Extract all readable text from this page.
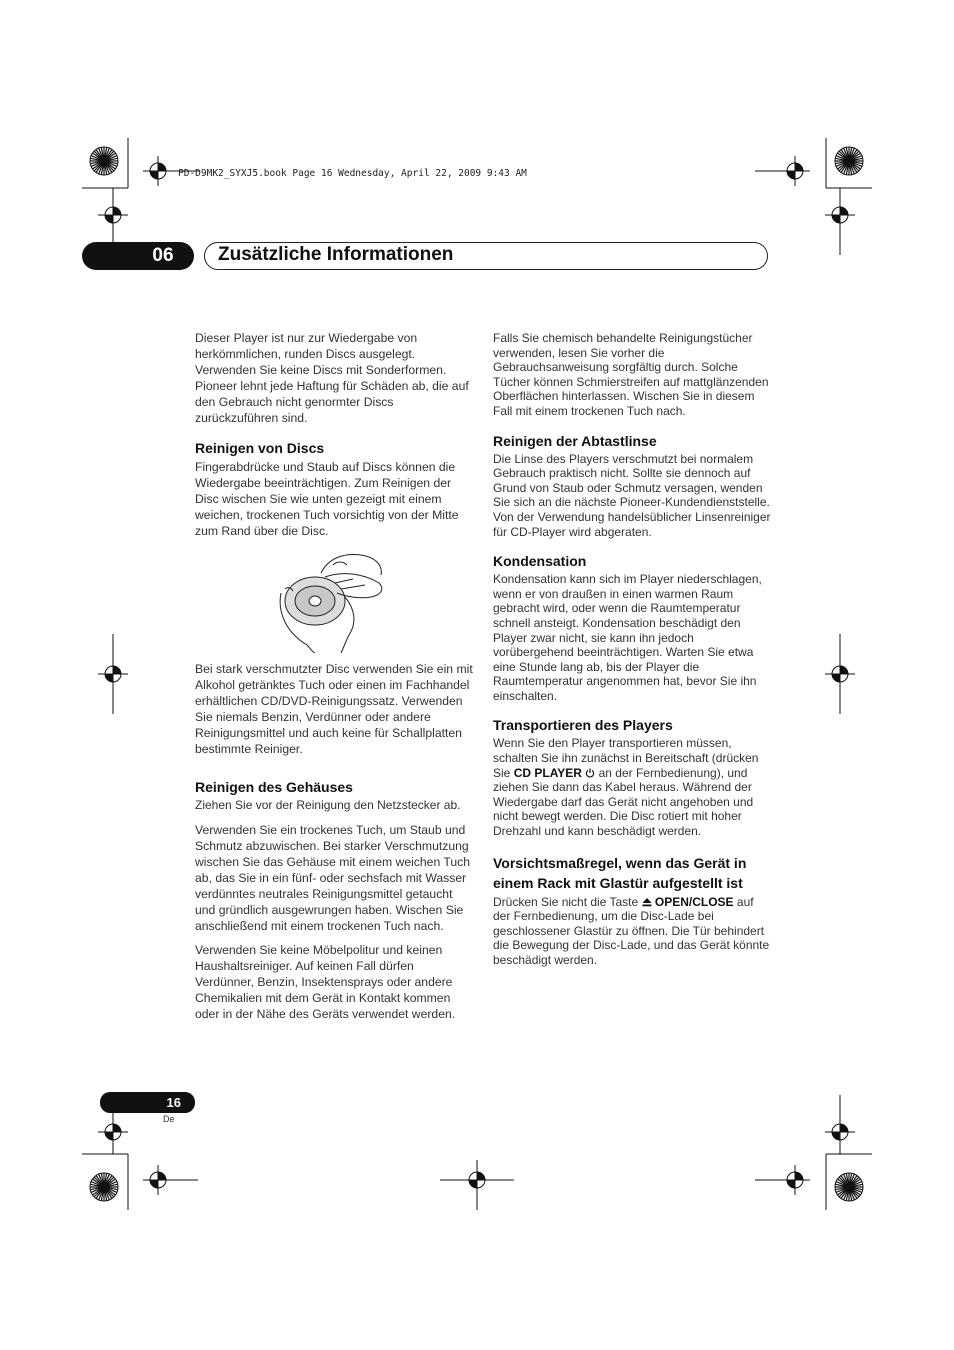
PD-D9MK2_SYXJ5.book Page 16 Wednesday, April 22, 2009 9:43 AM
06 Zusätzliche Informationen

Dieser Player ist nur zur Wiedergabe von herkömmlichen, runden Discs ausgelegt. Verwenden Sie keine Discs mit Sonderformen. Pioneer lehnt jede Haftung für Schäden ab, die auf den Gebrauch nicht genormter Discs zurückzuführen sind.

Reinigen von Discs

Fingerabdrücke und Staub auf Discs können die Wiedergabe beeinträchtigen. Zum Reinigen der Disc wischen Sie wie unten gezeigt mit einem weichen, trockenen Tuch vorsichtig von der Mitte zum Rand über die Disc.

Bei stark verschmutzter Disc verwenden Sie ein mit Alkohol getränktes Tuch oder einen im Fachhandel erhältlichen CD/DVD-Reinigungssatz. Verwenden Sie niemals Benzin, Verdünner oder andere Reinigungsmittel und auch keine für Schallplatten bestimmte Reiniger.

Reinigen des Gehäuses

Ziehen Sie vor der Reinigung den Netzstecker ab.

Verwenden Sie ein trockenes Tuch, um Staub und Schmutz abzuwischen. Bei starker Verschmutzung wischen Sie das Gehäuse mit einem weichen Tuch ab, das Sie in ein fünf- oder sechsfach mit Wasser verdünntes neutrales Reinigungsmittel getaucht und gründlich ausgewrungen haben. Wischen Sie anschließend mit einem trockenen Tuch nach.

Verwenden Sie keine Möbelpolitur und keinen Haushaltsreiniger. Auf keinen Fall dürfen Verdünner, Benzin, Insektensprays oder andere Chemikalien mit dem Gerät in Kontakt kommen oder in der Nähe des Geräts verwendet werden.

Falls Sie chemisch behandelte Reinigungstücher verwenden, lesen Sie vorher die Gebrauchsanweisung sorgfältig durch. Solche Tücher können Schmierstreifen auf mattglänzenden Oberflächen hinterlassen. Wischen Sie in diesem Fall mit einem trockenen Tuch nach.

Reinigen der Abtastlinse

Die Linse des Players verschmutzt bei normalem Gebrauch praktisch nicht. Sollte sie dennoch auf Grund von Staub oder Schmutz versagen, wenden Sie sich an die nächste Pioneer-Kundendienststelle. Von der Verwendung handelsüblicher Linsenreiniger für CD-Player wird abgeraten.

Kondensation

Kondensation kann sich im Player niederschlagen, wenn er von draußen in einen warmen Raum gebracht wird, oder wenn die Raumtemperatur schnell ansteigt. Kondensation beschädigt den Player zwar nicht, sie kann ihn jedoch vorübergehend beeinträchtigen. Warten Sie etwa eine Stunde lang ab, bis der Player die Raumtemperatur angenommen hat, bevor Sie ihn einschalten.

Transportieren des Players

Wenn Sie den Player transportieren müssen, schalten Sie ihn zunächst in Bereitschaft (drücken Sie CD PLAYER  an der Fernbedienung), und ziehen Sie dann das Kabel heraus. Während der Wiedergabe darf das Gerät nicht angehoben und nicht bewegt werden. Die Disc rotiert mit hoher Drehzahl und kann beschädigt werden.

Vorsichtsmaßregel, wenn das Gerät in einem Rack mit Glastür aufgestellt ist

Drücken Sie nicht die Taste  OPEN/CLOSE auf der Fernbedienung, um die Disc-Lade bei geschlossener Glastür zu öffnen. Die Tür behindert die Bewegung der Disc-Lade, und das Gerät könnte beschädigt werden.

16
De
